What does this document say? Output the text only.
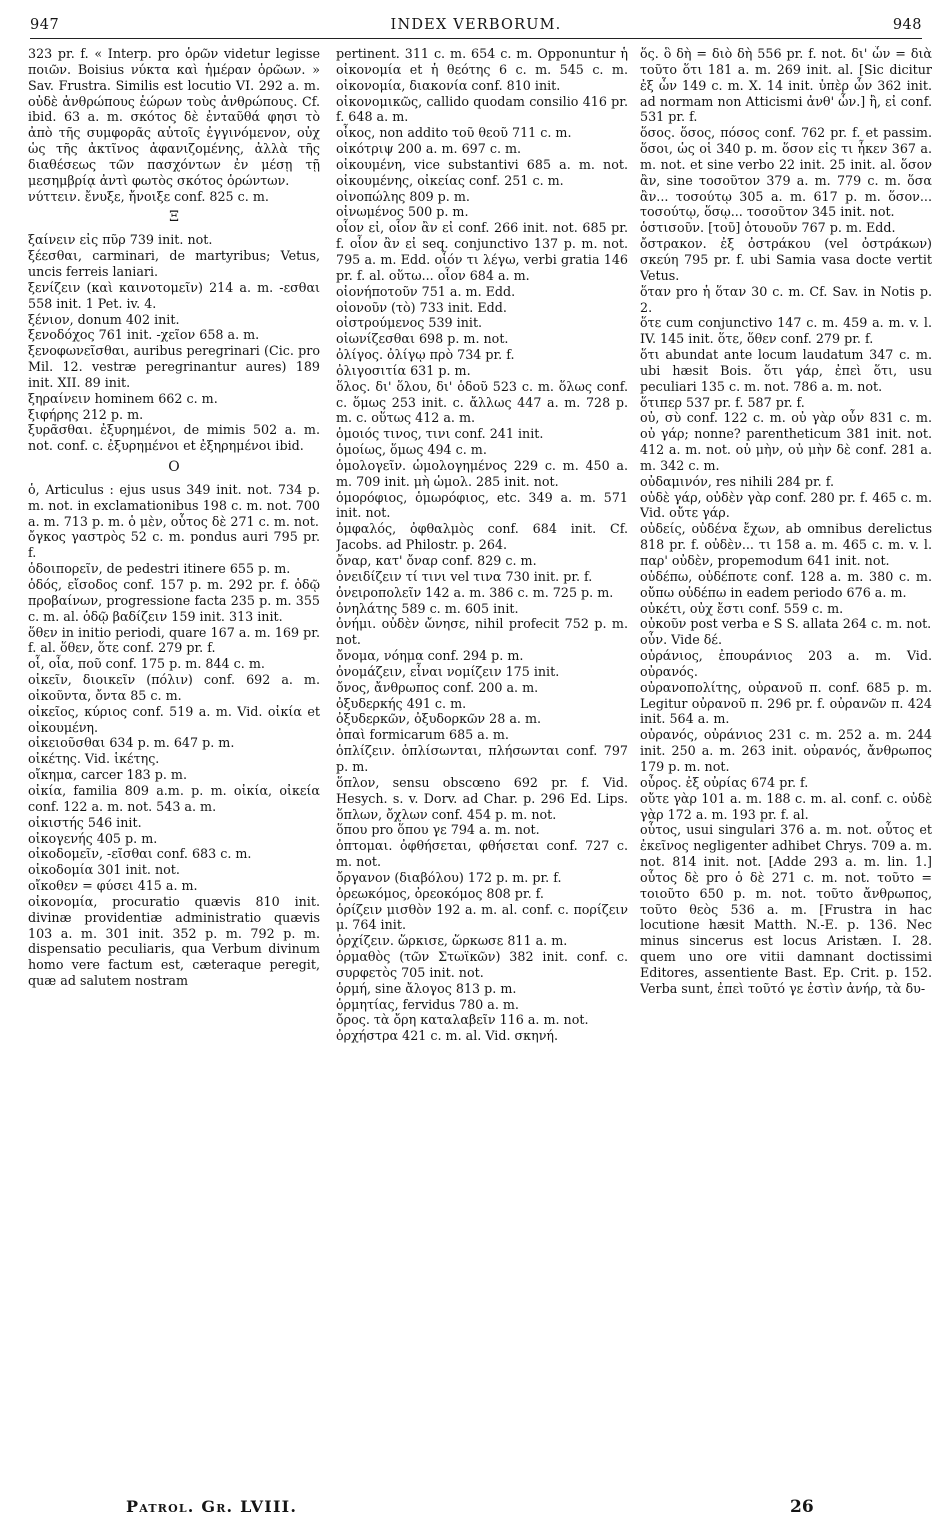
947	INDEX VERBORUM.	948

323 pr. f. « Interp. pro ὁρῶν videtur legisse ποιῶν. Boisius νύκτα καὶ ἡμέραν ὁρῶων. » Sav. Frustra. Similis est locutio VI. 292 a. m. οὐδὲ ἀνθρώπους ἑώρων τοὺς ἀνθρώπους. Cf. ibid. 63 a. m. σκότος δὲ ἐνταῦθά φησι τὸ ἀπὸ τῆς συμφορᾶς αὐτοῖς ἐγγινόμενον, οὐχ ὡς τῆς ἀκτῖνος ἀφανιζομένης, ἀλλὰ τῆς διαθέσεως τῶν πασχόντων ἐν μέσῃ τῇ μεσημβρίᾳ ἀντὶ φωτὸς σκότος ὁρώντων.

νύττειν. ἔνυξε, ἤνοιξε conf. 825 c. m.

Ξ

ξαίνειν εἰς πῦρ 739 init. not.

ξέεσθαι, carminari, de martyribus; Vetus, uncis ferreis laniari.

ξενίζειν (καὶ καινοτομεῖν) 214 a. m. -εσθαι 558 init. 1 Pet. iv. 4.

ξένιον, donum 402 init.

ξενοδόχος 761 init. -χεῖον 658 a. m.

ξενοφωνεῖσθαι, auribus peregrinari (Cic. pro Mil. 12. vestræ peregrinantur aures) 189 init. XII. 89 init.

ξηραίνειν hominem 662 c. m.

ξιφήρης 212 p. m.

ξυρᾶσθαι. ἐξυρημένοι, de mimis 502 a. m. not. conf. c. ἐξυρημένοι et ἐξηρημένοι ibid.

O

ὁ, Articulus : ejus usus 349 init. not. 734 p. m. not. in exclamationibus 198 c. m. not. 700 a. m. 713 p. m. ὁ μὲν, οὗτος δὲ 271 c. m. not.

ὄγκος γαστρὸς 52 c. m. pondus auri 795 pr. f.

ὁδοιπορεῖν, de pedestri itinere 655 p. m.

ὁδός, εἴσοδος conf. 157 p. m. 292 pr. f. ὁδῷ προβαίνων, progressione facta 235 p. m. 355 c. m. al. ὁδῷ βαδίζειν 159 init. 313 init.

ὅθεν in initio periodi, quare 167 a. m. 169 pr. f. al. ὅθεν, ὅτε conf. 279 pr. f.

οἷ, οἷα, ποῦ conf. 175 p. m. 844 c. m.

οἰκεῖν, διοικεῖν (πόλιν) conf. 692 a. m. οἰκοῦντα, ὄντα 85 c. m.

οἰκεῖος, κύριος conf. 519 a. m. Vid. οἰκία et οἰκουμένη.

οἰκειοῦσθαι 634 p. m. 647 p. m.

οἰκέτης. Vid. ἱκέτης.

οἴκημα, carcer 183 p. m.

οἰκία, familia 809 a.m. p. m. οἰκία, οἰκεία conf. 122 a. m. not. 543 a. m.

οἰκιστής 546 init.

οἰκογενής 405 p. m.

οἰκοδομεῖν, -εῖσθαι conf. 683 c. m.

οἰκοδομία 301 init. not.

οἴκοθεν = φύσει 415 a. m.

οἰκονομία, procuratio quævis 810 init. divinæ providentiæ administratio quævis 103 a. m. 301 init. 352 p. m. 792 p. m. dispensatio peculiaris, qua Verbum divinum homo vere factum est, cæteraque peregit, quæ ad salutem nostram

pertinent. 311 c. m. 654 c. m. Opponuntur ἡ οἰκονομία et ἡ θεότης 6 c. m. 545 c. m. οἰκονομία, διακονία conf. 810 init.

οἰκονομικῶς, callido quodam consilio 416 pr. f. 648 a. m.

οἶκος, non addito τοῦ θεοῦ 711 c. m.

οἰκότριψ 200 a. m. 697 c. m.

οἰκουμένη, vice substantivi 685 a. m. not. οἰκουμένης, οἰκείας conf. 251 c. m.

οἰνοπώλης 809 p. m.

οἰνωμένος 500 p. m.

οἷον εἰ, οἷον ἂν εἰ conf. 266 init. not. 685 pr. f. οἷον ἂν εἰ seq. conjunctivo 137 p. m. not. 795 a. m. Edd. οἷόν τι λέγω, verbi gratia 146 pr. f. al. οὕτω... οἷον 684 a. m.

οἰονήποτοῦν 751 a. m. Edd.

οἰονοῦν (τὸ) 733 init. Edd.

οἰστρούμενος 539 init.

οἰωνίζεσθαι 698 p. m. not.

ὀλίγος. ὀλίγῳ πρὸ 734 pr. f.

ὀλιγοσιτία 631 p. m.

ὅλος. δι' ὅλου, δι' ὁδοῦ 523 c. m. ὅλως conf. c. ὅμως 253 init. c. ἄλλως 447 a. m. 728 p. m. c. οὕτως 412 a. m.

ὁμοιός τινος, τινι conf. 241 init.

ὁμοίως, ὅμως 494 c. m.

ὁμολογεῖν. ὡμολογημένος 229 c. m. 450 a. m. 709 init. μὴ ὡμολ. 285 init. not.

ὁμορόφιος, ὁμωρόφιος, etc. 349 a. m. 571 init. not.

ὀμφαλός, ὀφθαλμὸς conf. 684 init. Cf. Jacobs. ad Philostr. p. 264.

ὄναρ, κατ' ὄναρ conf. 829 c. m.

ὀνειδίζειν τί τινι vel τινα 730 init. pr. f.

ὀνειροπολεῖν 142 a. m. 386 c. m. 725 p. m.

ὀνηλάτης 589 c. m. 605 init.

ὀνήμι. οὐδὲν ὤνησε, nihil profecit 752 p. m. not.

ὄνομα, νόημα conf. 294 p. m.

ὀνομάζειν, εἶναι νομίζειν 175 init.

ὄνος, ἄνθρωπος conf. 200 a. m.

ὀξυδερκής 491 c. m.

ὀξυδερκῶν, ὀξυδορκῶν 28 a. m.

ὀπαὶ formicarum 685 a. m.

ὁπλίζειν. ὁπλίσωνται, πλήσωνται conf. 797 p. m.

ὅπλον, sensu obscœno 692 pr. f. Vid. Hesych. s. v. Dorv. ad Char. p. 296 Ed. Lips. ὅπλων, ὄχλων conf. 454 p. m. not.

ὅπου pro ὅπου γε 794 a. m. not.

ὀπτομαι. ὀφθήσεται, φθήσεται conf. 727 c. m. not.

ὄργανον (διαβόλου) 172 p. m. pr. f.

ὀρεωκόμος, ὀρεοκόμος 808 pr. f.

ὁρίζειν μισθὸν 192 a. m. al. conf. c. πορίζειν μ. 764 init.

ὀρχίζειν. ὥρκισε, ὥρκωσε 811 a. m.

ὁρμαθὸς (τῶν Στωϊκῶν) 382 init. conf. c. συρφετὸς 705 init. not.

ὁρμή, sine ἄλογος 813 p. m.

ὁρμητίας, fervidus 780 a. m.

ὄρος. τὰ ὄρη καταλαβεῖν 116 a. m. not.

ὀρχήστρα 421 c. m. al. Vid. σκηνή.

ὅς. ὃ δὴ = διὸ δὴ 556 pr. f. not. δι' ὧν = διὰ τοῦτο ὅτι 181 a. m. 269 init. al. [Sic dicitur ἐξ ὧν 149 c. m. X. 14 init. ὑπὲρ ὧν 362 init. ad normam non Atticismi ἀνθ' ὧν.] ἢ, εἰ conf. 531 pr. f.

ὅσος. ὅσος, πόσος conf. 762 pr. f. et passim. ὅσοι, ὡς οἱ 340 p. m. ὅσον εἰς τι ἧκεν 367 a. m. not. et sine verbo 22 init. 25 init. al. ὅσον ἂν, sine τοσοῦτον 379 a. m. 779 c. m. ὅσα ἂν... τοσούτῳ 305 a. m. 617 p. m. ὅσον... τοσούτῳ, ὅσῳ... τοσοῦτον 345 init. not.

ὁστισοῦν. [τοῦ] ὁτουοῦν 767 p. m. Edd.

ὄστρακον. ἐξ ὀστράκου (vel ὀστράκων) σκεύη 795 pr. f. ubi Samia vasa docte vertit Vetus.

ὅταν pro ἡ ὅταν 30 c. m. Cf. Sav. in Notis p. 2.

ὅτε cum conjunctivo 147 c. m. 459 a. m. v. l. IV. 145 init. ὅτε, ὅθεν conf. 279 pr. f.

ὅτι abundat ante locum laudatum 347 c. m. ubi hæsit Bois. ὅτι γάρ, ἐπεὶ ὅτι, usu peculiari 135 c. m. not. 786 a. m. not.

ὅτιπερ 537 pr. f. 587 pr. f.

οὐ, σὺ conf. 122 c. m. οὐ γὰρ οὖν 831 c. m. οὐ γάρ; nonne? parentheticum 381 init. not. 412 a. m. not. οὐ μὴν, οὐ μὴν δὲ conf. 281 a. m. 342 c. m.

οὐδαμινόν, res nihili 284 pr. f.

οὐδὲ γάρ, οὐδὲν γὰρ conf. 280 pr. f. 465 c. m. Vid. οὔτε γάρ.

οὐδείς, οὐδένα ἔχων, ab omnibus derelictus 818 pr. f. οὐδὲν... τι 158 a. m. 465 c. m. v. l. παρ' οὐδὲν, propemodum 641 init. not.

οὐδέπω, οὐδέποτε conf. 128 a. m. 380 c. m. οὔπω οὐδέπω in eadem periodo 676 a. m.

οὐκέτι, οὐχ ἔστι conf. 559 c. m.

οὐκοῦν post verba e S S. allata 264 c. m. not.

οὖν. Vide δέ.

οὐράνιος, ἐπουράνιος 203 a. m. Vid. οὐρανός.

οὐρανοπολίτης, οὐρανοῦ π. conf. 685 p. m. Legitur οὐρανοῦ π. 296 pr. f. οὐρανῶν π. 424 init. 564 a. m.

οὐρανός, οὐράνιος 231 c. m. 252 a. m. 244 init. 250 a. m. 263 init. οὐρανός, ἄνθρωπος 179 p. m. not.

οὖρος. ἐξ οὐρίας 674 pr. f.

οὔτε γὰρ 101 a. m. 188 c. m. al. conf. c. οὐδὲ γὰρ 172 a. m. 193 pr. f. al.

οὗτος, usui singulari 376 a. m. not. οὗτος et ἐκεῖνος negligenter adhibet Chrys. 709 a. m. not. 814 init. not. [Adde 293 a. m. lin. 1.] οὗτος δὲ pro ὁ δὲ 271 c. m. not. τοῦτο = τοιοῦτο 650 p. m. not. τοῦτο ἄνθρωπος, τοῦτο θεὸς 536 a. m. [Frustra in hac locutione hæsit Matth. N.-E. p. 136. Nec minus sincerus est locus Aristæn. I. 28. quem uno ore vitii damnant doctissimi Editores, assentiente Bast. Ep. Crit. p. 152. Verba sunt, ἐπεὶ τοῦτό γε ἐστὶν ἀνήρ, τὰ δυ-

Patrol. Gr. LVIII.	26
